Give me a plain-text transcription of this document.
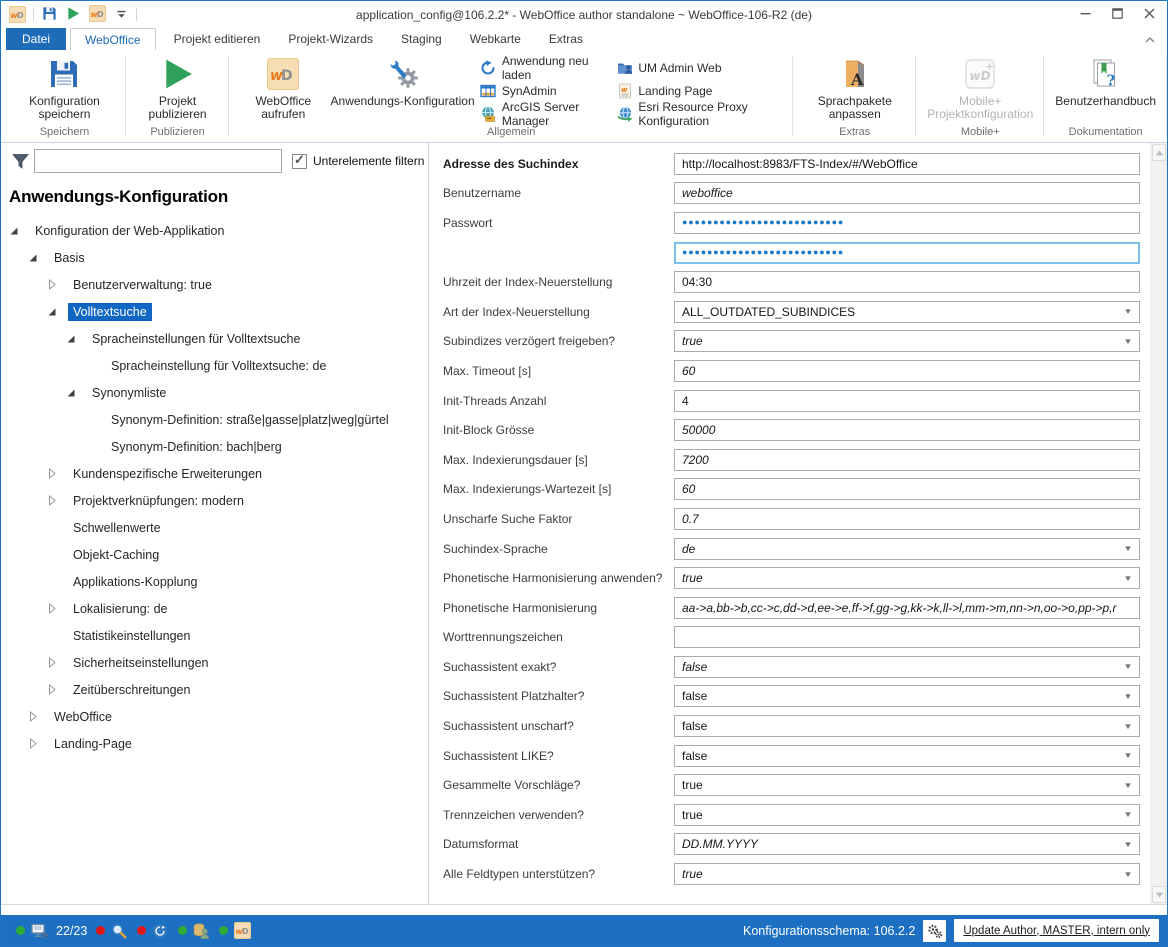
w D	w D	application_config@106.2.2* - WebOffice author standalone ~ WebOffice-106-R2 (de)
Datei	WebOffice	Projekt editieren	Projekt-Wizards	Staging	Webkarte	Extras
Konfiguration speichern
Speichern
Projekt publizieren
Publizieren
w
D
WebOffice aufrufen
Anwendungs-Konfiguration
Anwendung neu laden
SynAdmin
ArcGIS Server Manager
UM Admin Web
w Landing Page
Esri Resource Proxy Konfiguration
Allgemein
A
Sprachpakete anpassen
Extras
wD
+
Mobile+ Projektkonfiguration
Mobile+
?
Benutzerhandbuch
Dokumentation
✓ Unterelemente filtern
Anwendungs-Konfiguration
Konfiguration der Web-Applikation
Basis
Benutzerverwaltung: true
Volltextsuche
Spracheinstellungen für Volltextsuche
Spracheinstellung für Volltextsuche: de
Synonymliste
Synonym-Definition: straße|gasse|platz|weg|gürtel
Synonym-Definition: bach|berg
Kundenspezifische Erweiterungen
Projektverknüpfungen: modern
Schwellenwerte
Objekt-Caching
Applikations-Kopplung
Lokalisierung: de
Statistikeinstellungen
Sicherheitseinstellungen
Zeitüberschreitungen
WebOffice
Landing-Page
Adresse des Suchindex	http://localhost:8983/FTS-Index/#/WebOffice
Benutzername	weboffice
Passwort	●●●●●●●●●●●●●●●●●●●●●●●●●●
●●●●●●●●●●●●●●●●●●●●●●●●●●
Uhrzeit der Index-Neuerstellung	04:30
Art der Index-Neuerstellung	ALL_OUTDATED_SUBINDICES	▼
Subindizes verzögert freigeben?	true	▼
Max. Timeout [s]	60
Init-Threads Anzahl	4
Init-Block Grösse	50000
Max. Indexierungsdauer [s]	7200
Max. Indexierungs-Wartezeit [s]	60
Unscharfe Suche Faktor	0.7
Suchindex-Sprache	de	▼
Phonetische Harmonisierung anwenden?	true	▼
Phonetische Harmonisierung	aa->a,bb->b,cc->c,dd->d,ee->e,ff->f,gg->g,kk->k,ll->l,mm->m,nn->n,oo->o,pp->p,r
Worttrennungszeichen
Suchassistent exakt?	false	▼
Suchassistent Platzhalter?	false	▼
Suchassistent unscharf?	false	▼
Suchassistent LIKE?	false	▼
Gesammelte Vorschläge?	true	▼
Trennzeichen verwenden?	true	▼
Datumsformat	DD.MM.YYYY	▼
Alle Feldtypen unterstützen?	true	▼
22/23	w D	Konfigurationsschema: 106.2.2	Update Author, MASTER, intern only
